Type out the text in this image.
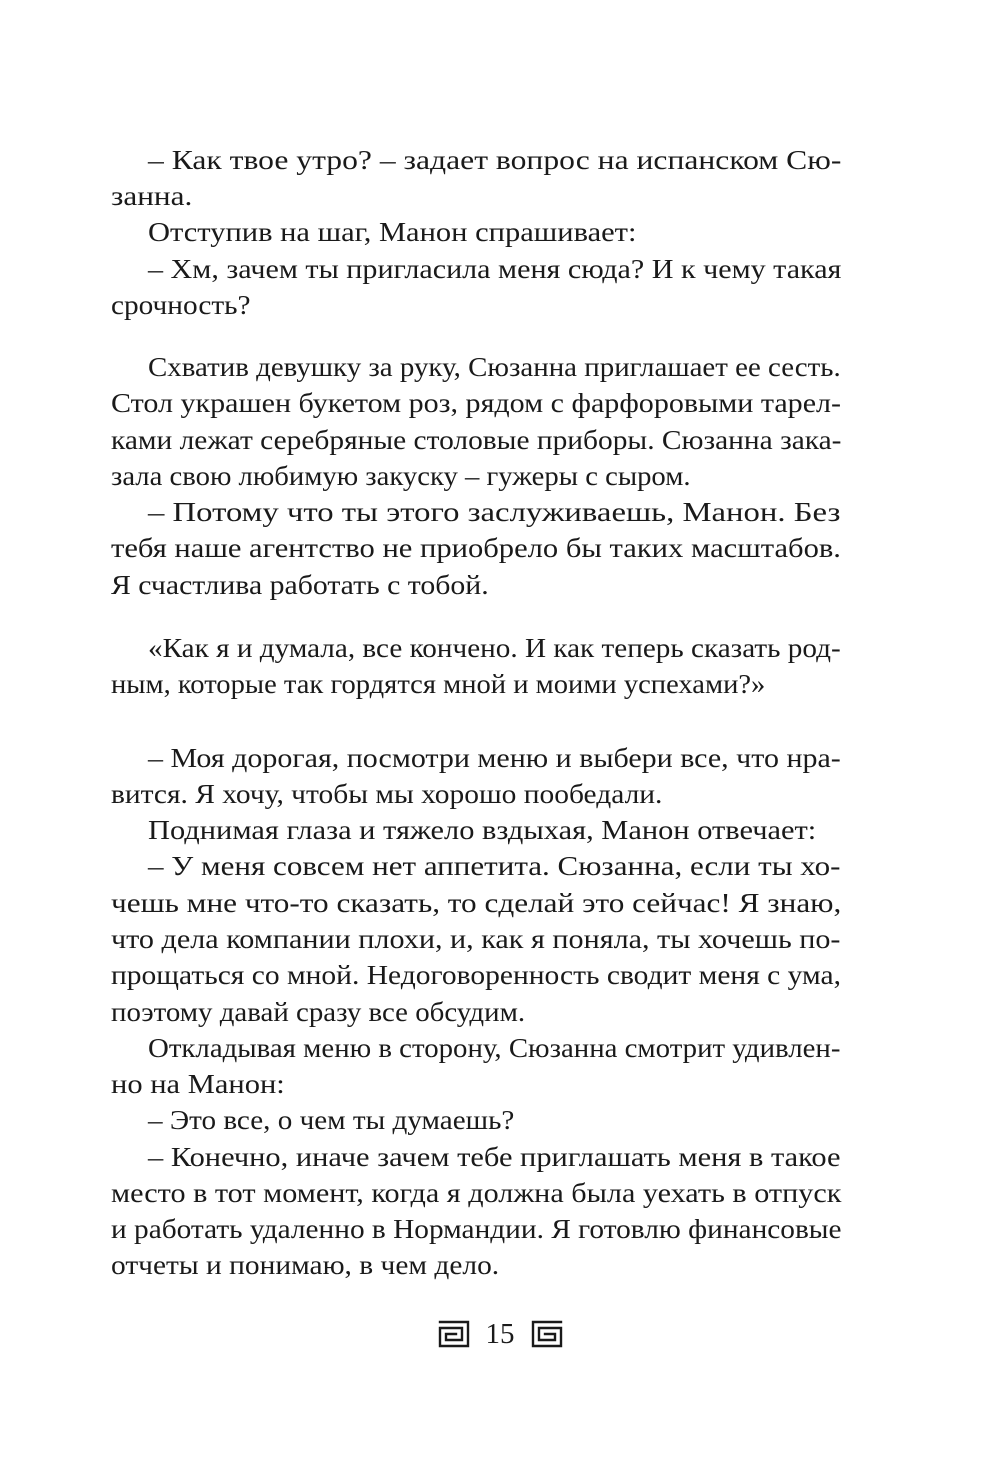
– Как твое утро? – задает вопрос на испанском Сю-
занна.
Отступив на шаг, Манон спрашивает:
– Хм, зачем ты пригласила меня сюда? И к чему такая
срочность?
Схватив девушку за руку, Сюзанна приглашает ее сесть.
Стол украшен букетом роз, рядом с фарфоровыми тарел-
ками лежат серебряные столовые приборы. Сюзанна зака-
зала свою любимую закуску – гужеры с сыром.
– Потому что ты этого заслуживаешь, Манон. Без
тебя наше агентство не приобрело бы таких масштабов.
Я счастлива работать с тобой.
«Как я и думала, все кончено. И как теперь сказать род-
ным, которые так гордятся мной и моими успехами?»
– Моя дорогая, посмотри меню и выбери все, что нра-
вится. Я хочу, чтобы мы хорошо пообедали.
Поднимая глаза и тяжело вздыхая, Манон отвечает:
– У меня совсем нет аппетита. Сюзанна, если ты хо-
чешь мне что-то сказать, то сделай это сейчас! Я знаю,
что дела компании плохи, и, как я поняла, ты хочешь по-
прощаться со мной. Недоговоренность сводит меня с ума,
поэтому давай сразу все обсудим.
Откладывая меню в сторону, Сюзанна смотрит удивлен-
но на Манон:
– Это все, о чем ты думаешь?
– Конечно, иначе зачем тебе приглашать меня в такое
место в тот момент, когда я должна была уехать в отпуск
и работать удаленно в Нормандии. Я готовлю финансовые
отчеты и понимаю, в чем дело.
15
